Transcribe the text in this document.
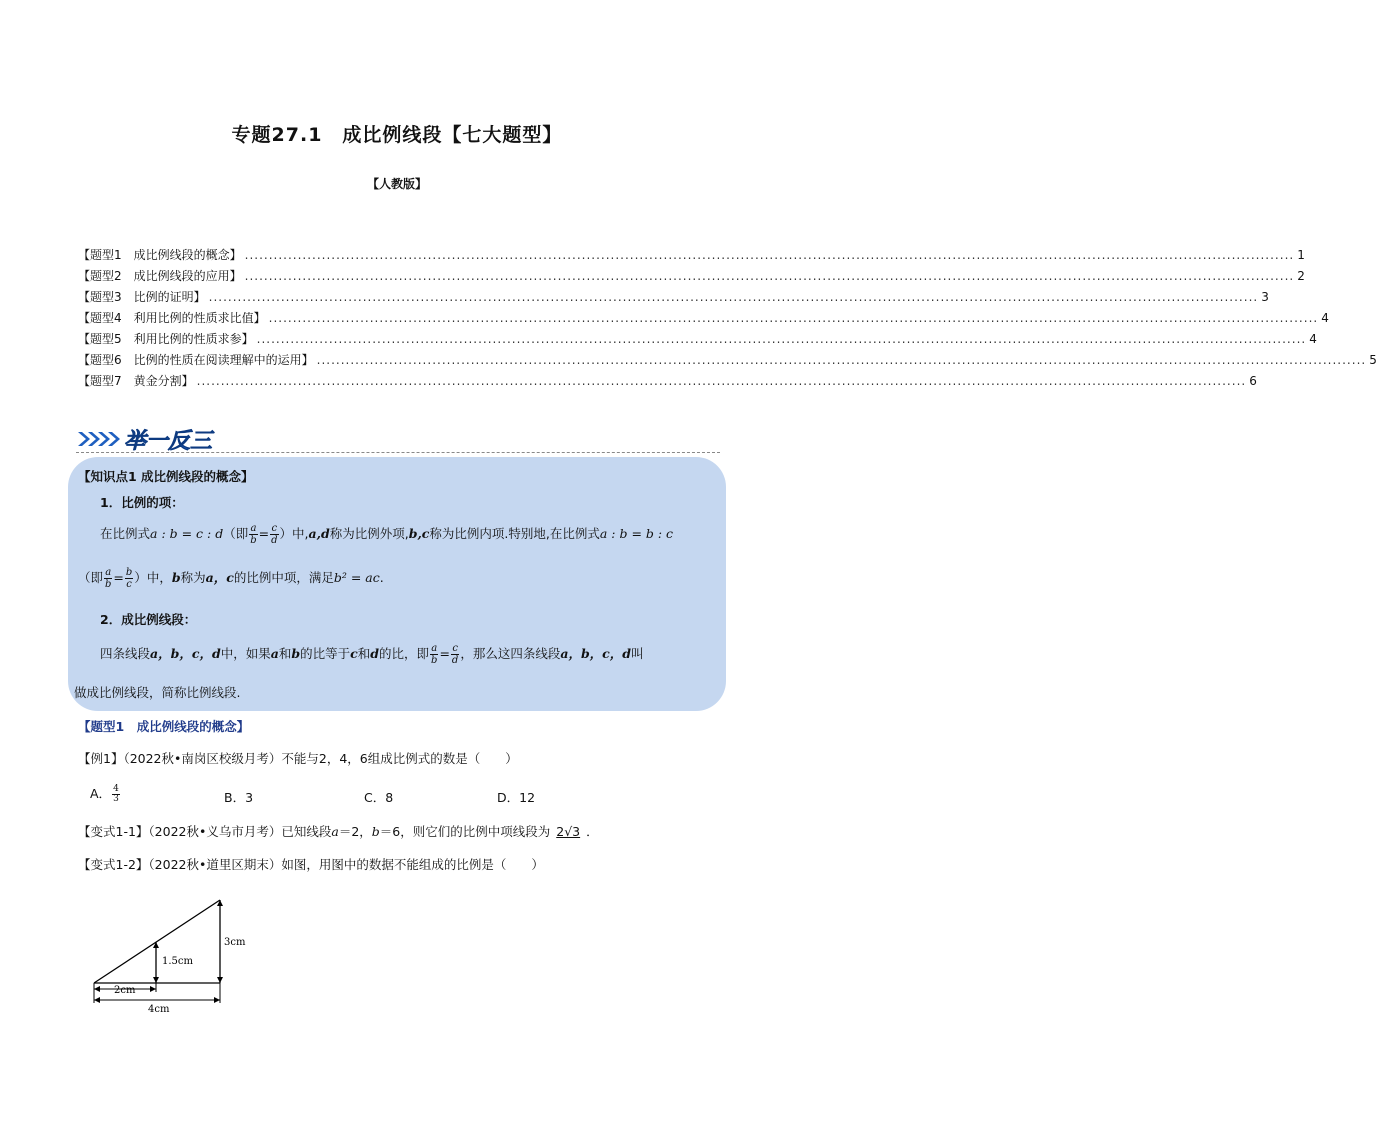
专题27.1　成比例线段【七大题型】
【人教版】
【题型1　成比例线段的概念】 .......................................................................................................................................................................................................................... 1
【题型2　成比例线段的应用】 .......................................................................................................................................................................................................................... 2
【题型3　比例的证明】 .......................................................................................................................................................................................................................... 3
【题型4　利用比例的性质求比值】 .......................................................................................................................................................................................................................... 4
【题型5　利用比例的性质求参】 .......................................................................................................................................................................................................................... 4
【题型6　比例的性质在阅读理解中的运用】 .......................................................................................................................................................................................................................... 5
【题型7　黄金分割】 .......................................................................................................................................................................................................................... 6
举一反三
【知识点1 成比例线段的概念】
1．比例的项：
在比例式a : b = c : d（即 $\frac{a}{b} = \frac{c}{d}$ ）中,a,d称为比例外项,b,c称为比例内项.特别地,在比例式a : b = b : c
（即 $\frac{a}{b} = \frac{b}{c}$ ）中，b称为a，c的比例中项，满足b² = ac.
2．成比例线段：
四条线段a，b，c，d中，如果a和b的比等于c和d的比，即 $\frac{a}{b} = \frac{c}{d}$ ，那么这四条线段a，b，c，d叫
做成比例线段，简称比例线段.
【题型1　成比例线段的概念】
【例1】（2022秋•南岗区校级月考）不能与2，4，6组成比例式的数是（　　）
A． $\frac{4}{3}$	B．3	C．8	D．12
【变式1-1】（2022秋•义乌市月考）已知线段a＝2，b＝6，则它们的比例中项线段为 2√3 ．
【变式1-2】（2022秋•道里区期末）如图，用图中的数据不能组成的比例是（　　）
3cm
1.5cm
2cm
4cm
